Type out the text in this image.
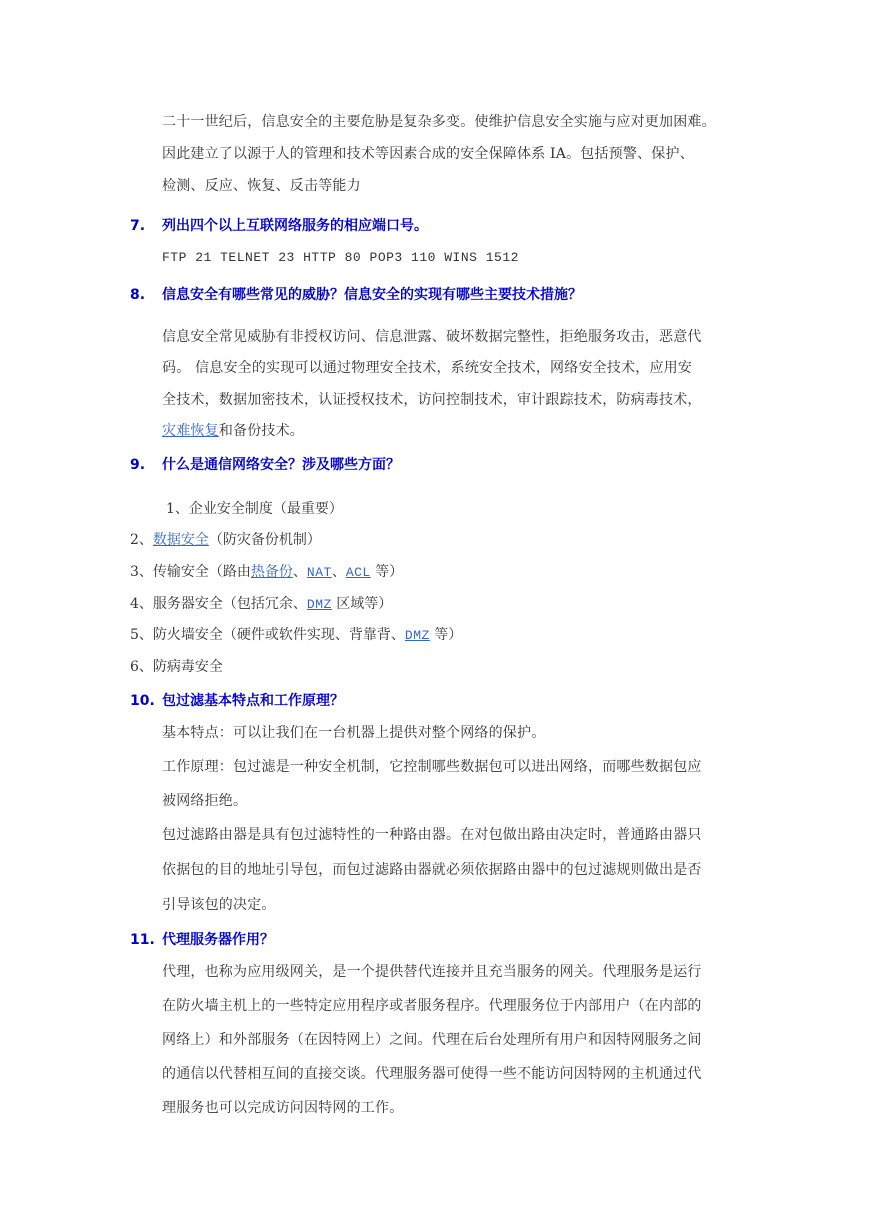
二十一世纪后，信息安全的主要危胁是复杂多变。使维护信息安全实施与应对更加困难。
因此建立了以源于人的管理和技术等因素合成的安全保障体系 IA。包括预警、保护、
检测、反应、恢复、反击等能力
7. 列出四个以上互联网络服务的相应端口号。
FTP 21 TELNET 23 HTTP 80 POP3 110 WINS 1512
8. 信息安全有哪些常见的威胁？信息安全的实现有哪些主要技术措施？
信息安全常见威胁有非授权访问、信息泄露、破坏数据完整性，拒绝服务攻击，恶意代
码。 信息安全的实现可以通过物理安全技术，系统安全技术，网络安全技术，应用安
全技术，数据加密技术，认证授权技术，访问控制技术，审计跟踪技术，防病毒技术，
灾难恢复和备份技术。
9. 什么是通信网络安全？涉及哪些方面？
1、企业安全制度（最重要）
2、数据安全（防灾备份机制）
3、传输安全（路由热备份、NAT、ACL 等）
4、服务器安全（包括冗余、DMZ 区域等）
5、防火墙安全（硬件或软件实现、背靠背、DMZ 等）
6、防病毒安全
10. 包过滤基本特点和工作原理？
基本特点：可以让我们在一台机器上提供对整个网络的保护。
工作原理：包过滤是一种安全机制，它控制哪些数据包可以进出网络，而哪些数据包应
被网络拒绝。
包过滤路由器是具有包过滤特性的一种路由器。在对包做出路由决定时，普通路由器只
依据包的目的地址引导包，而包过滤路由器就必须依据路由器中的包过滤规则做出是否
引导该包的决定。
11. 代理服务器作用？
代理，也称为应用级网关，是一个提供替代连接并且充当服务的网关。代理服务是运行
在防火墙主机上的一些特定应用程序或者服务程序。代理服务位于内部用户（在内部的
网络上）和外部服务（在因特网上）之间。代理在后台处理所有用户和因特网服务之间
的通信以代替相互间的直接交谈。代理服务器可使得一些不能访问因特网的主机通过代
理服务也可以完成访问因特网的工作。
